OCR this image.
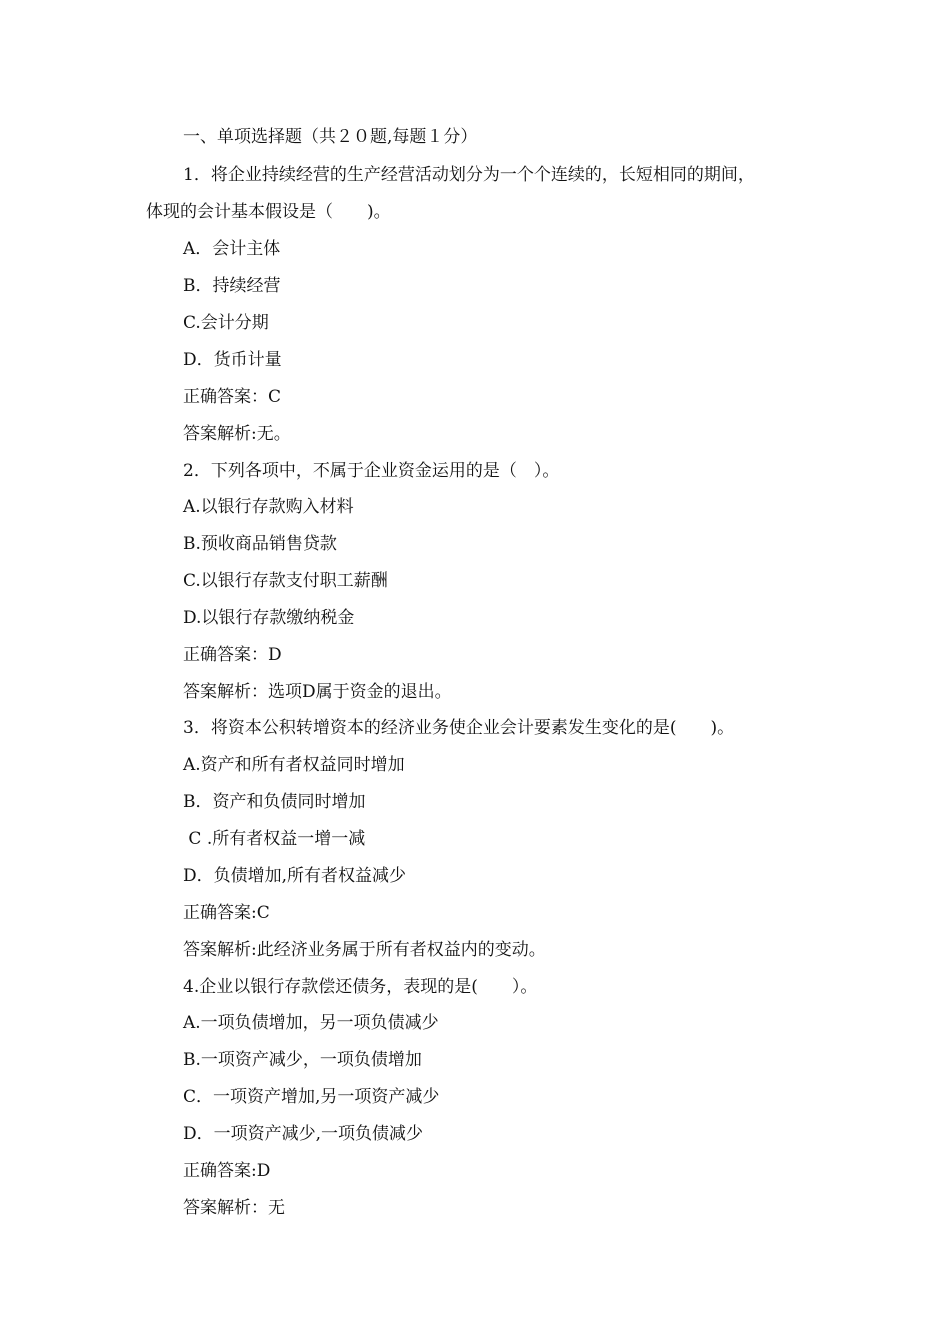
一、单项选择题（共２０题,每题１分）
1．将企业持续经营的生产经营活动划分为一个个连续的，长短相同的期间，
体现的会计基本假设是（　　)。
A．会计主体
B．持续经营
C.会计分期
D．货币计量
正确答案：C
答案解析:无。
2．下列各项中，不属于企业资金运用的是（　）。
A.以银行存款购入材料
B.预收商品销售贷款
C.以银行存款支付职工薪酬
D.以银行存款缴纳税金
正确答案：D
答案解析：选项D属于资金的退出。
3．将资本公积转增资本的经济业务使企业会计要素发生变化的是(　　)。
A.资产和所有者权益同时增加
B．资产和负债同时增加
C .所有者权益一增一减
D．负债增加,所有者权益减少
正确答案:C
答案解析:此经济业务属于所有者权益内的变动。
4.企业以银行存款偿还债务，表现的是(　　）。
A.一项负债增加，另一项负债减少
B.一项资产减少，一项负债增加
C．一项资产增加,另一项资产减少
D．一项资产减少,一项负债减少
正确答案:D
答案解析：无
